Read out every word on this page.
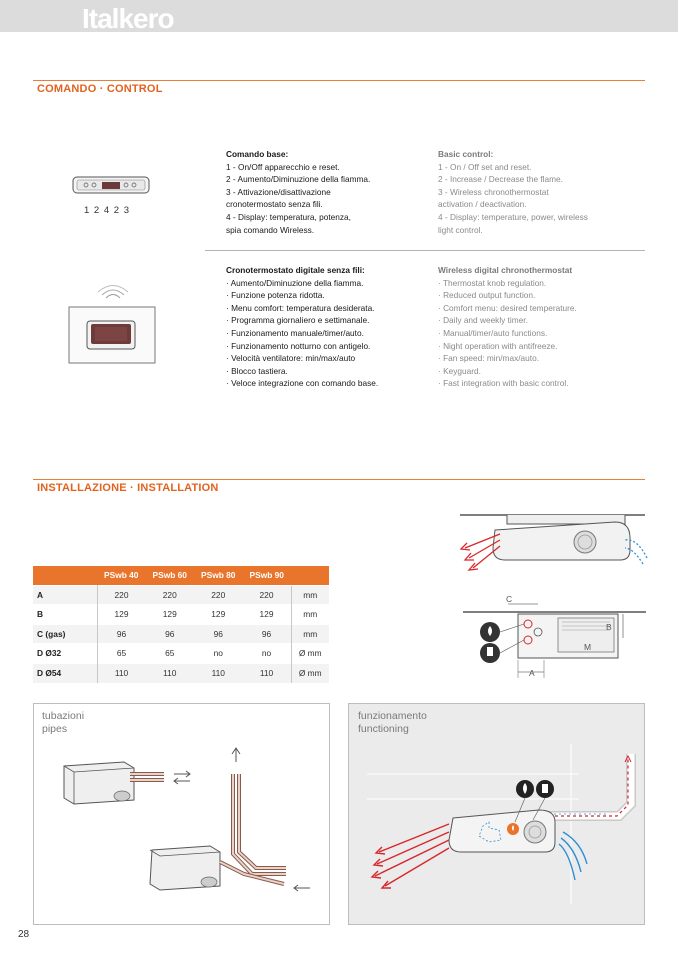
Italkero
COMANDO · CONTROL
1 2 4 2 3
Comando base:
1 - On/Off apparecchio e reset.
2 - Aumento/Diminuzione della fiamma.
3 - Attivazione/disattivazione
cronotermostato senza fili.
4 - Display: temperatura, potenza,
spia comando Wireless.
Basic control:
1 - On / Off set and reset.
2 - Increase / Decrease the flame.
3 - Wireless chronothermostat
activation / deactivation.
4 - Display: temperature, power, wireless
light control.
Cronotermostato digitale senza fili:
· Aumento/Diminuzione della fiamma.
· Funzione potenza ridotta.
· Menu comfort: temperatura desiderata.
· Programma giornaliero e settimanale.
· Funzionamento manuale/timer/auto.
· Funzionamento notturno con antigelo.
· Velocità ventilatore: min/max/auto
· Blocco tastiera.
· Veloce integrazione con comando base.
Wireless digital chronothermostat
· Thermostat knob regulation.
· Reduced output function.
· Comfort menu: desired temperature.
· Daily and weekly timer.
· Manual/timer/auto functions.
· Night operation with antifreeze.
· Fan speed: min/max/auto.
· Keyguard.
· Fast integration with basic control.
INSTALLAZIONE · INSTALLATION
C
B
M
A
	PSwb 40	PSwb 60	PSwb 80	PSwb 90	
A	220	220	220	220	mm
B	129	129	129	129	mm
C (gas)	96	96	96	96	mm
D Ø32	65	65	no	no	Ø mm
D Ø54	110	110	110	110	Ø mm
tubazioni
pipes
funzionamento
functioning
28
